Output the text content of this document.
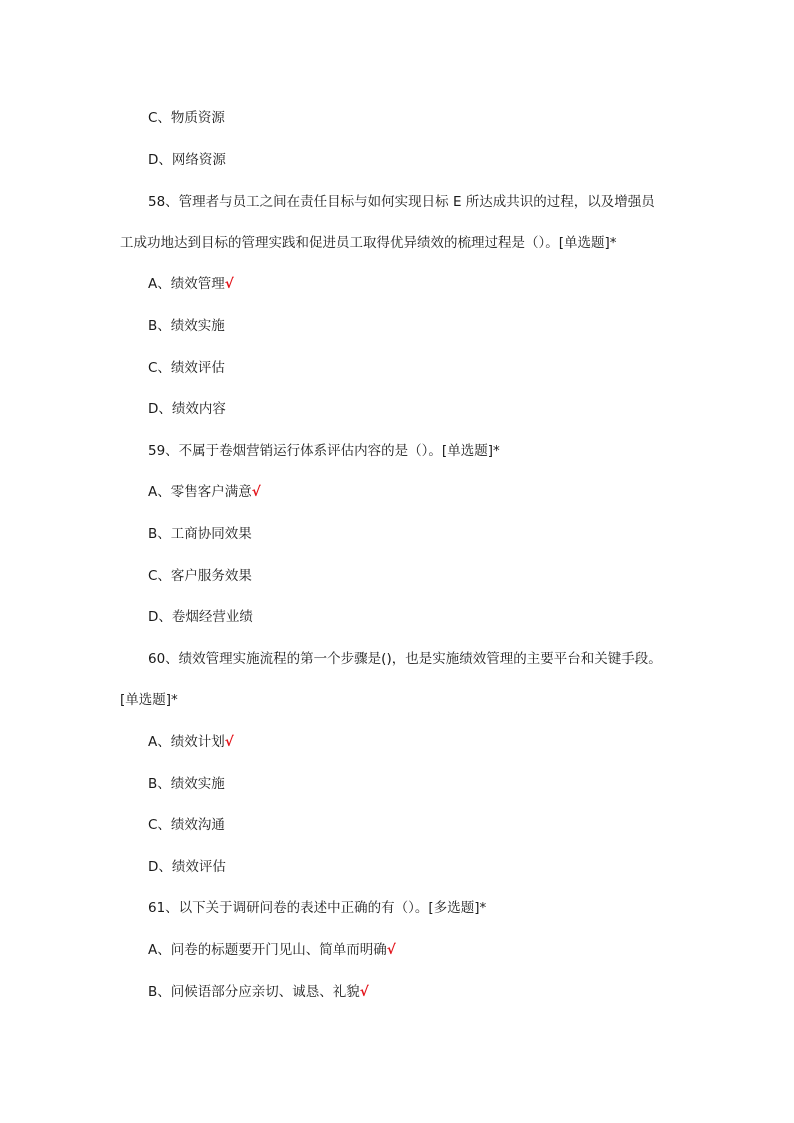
C、物质资源
D、网络资源
58、管理者与员工之间在责任目标与如何实现日标 E 所达成共识的过程，以及增强员
工成功地达到目标的管理实践和促进员工取得优异绩效的梳理过程是（）。[单选题]*
A、绩效管理√
B、绩效实施
C、绩效评估
D、绩效内容
59、不属于卷烟营销运行体系评估内容的是（）。[单选题]*
A、零售客户满意√
B、工商协同效果
C、客户服务效果
D、卷烟经营业绩
60、绩效管理实施流程的第一个步骤是()，也是实施绩效管理的主要平台和关键手段。
[单选题]*
A、绩效计划√
B、绩效实施
C、绩效沟通
D、绩效评估
61、以下关于调研问卷的表述中正确的有（）。[多选题]*
A、问卷的标题要开门见山、简单而明确√
B、问候语部分应亲切、诚恳、礼貌√
